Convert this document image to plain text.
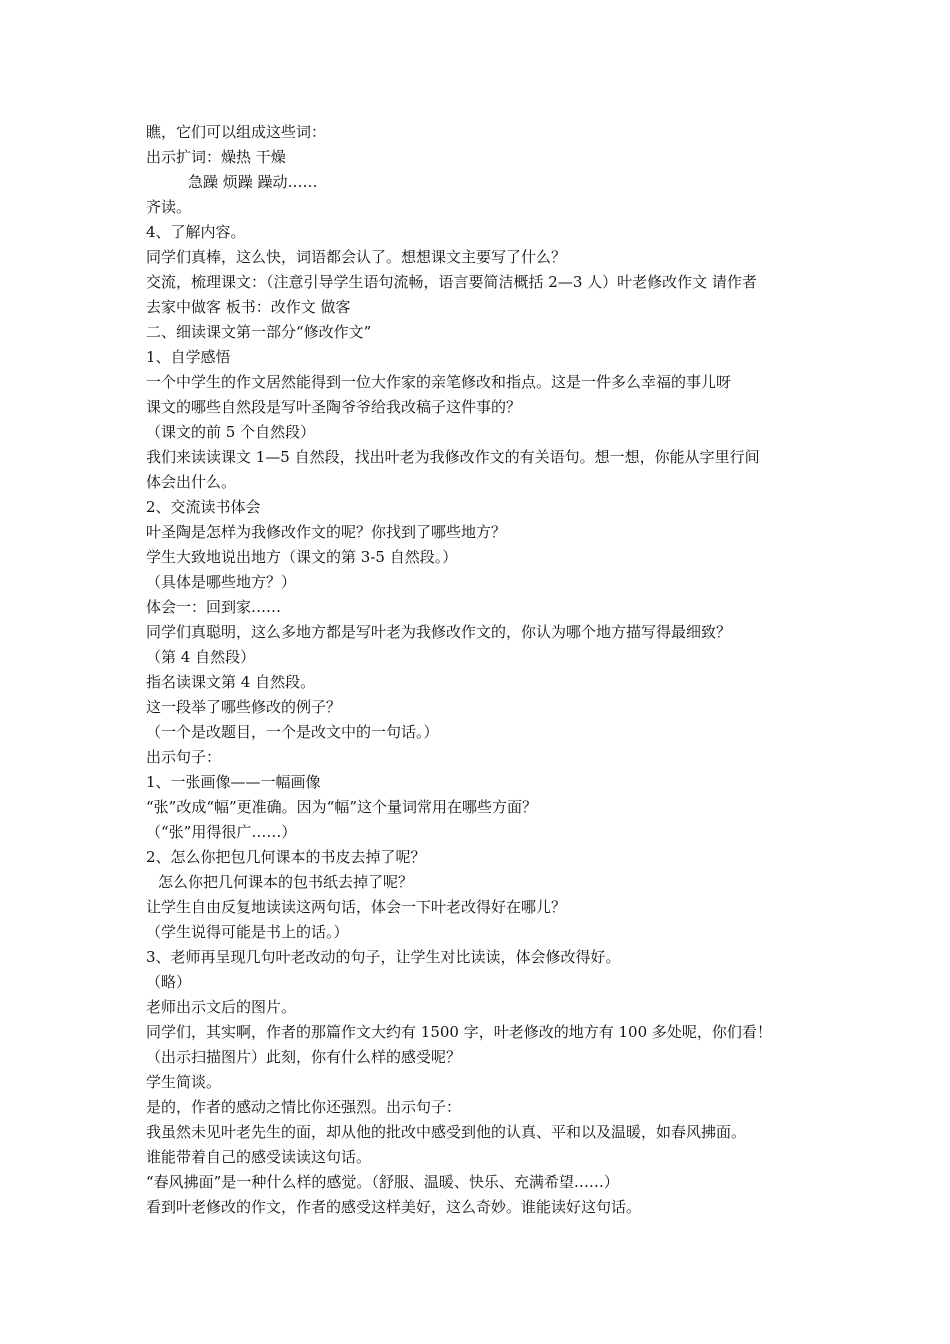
瞧，它们可以组成这些词：
出示扩词：燥热 干燥
急躁 烦躁 躁动……
齐读。
4、了解内容。
同学们真棒，这么快，词语都会认了。想想课文主要写了什么？
交流，梳理课文：（注意引导学生语句流畅，语言要简洁概括 2—3 人）叶老修改作文 请作者
去家中做客 板书：改作文 做客
二、细读课文第一部分“修改作文”
1、自学感悟
一个中学生的作文居然能得到一位大作家的亲笔修改和指点。这是一件多么幸福的事儿呀
课文的哪些自然段是写叶圣陶爷爷给我改稿子这件事的？
（课文的前 5 个自然段）
我们来读读课文 1—5 自然段，找出叶老为我修改作文的有关语句。想一想，你能从字里行间
体会出什么。
2、交流读书体会
叶圣陶是怎样为我修改作文的呢？你找到了哪些地方？
学生大致地说出地方（课文的第 3-5 自然段。）
（具体是哪些地方？）
体会一：回到家……
同学们真聪明，这么多地方都是写叶老为我修改作文的，你认为哪个地方描写得最细致？
（第 4 自然段）
指名读课文第 4 自然段。
这一段举了哪些修改的例子？
（一个是改题目，一个是改文中的一句话。）
出示句子：
1、一张画像——一幅画像
“张”改成“幅”更准确。因为“幅”这个量词常用在哪些方面？
（“张”用得很广……）
2、怎么你把包几何课本的书皮去掉了呢？
怎么你把几何课本的包书纸去掉了呢？
让学生自由反复地读读这两句话，体会一下叶老改得好在哪儿？
（学生说得可能是书上的话。）
3、老师再呈现几句叶老改动的句子，让学生对比读读，体会修改得好。
（略）
老师出示文后的图片。
同学们，其实啊，作者的那篇作文大约有 1500 字，叶老修改的地方有 100 多处呢，你们看！
（出示扫描图片）此刻，你有什么样的感受呢？
学生简谈。
是的，作者的感动之情比你还强烈。出示句子：
我虽然未见叶老先生的面，却从他的批改中感受到他的认真、平和以及温暖，如春风拂面。
谁能带着自己的感受读读这句话。
“春风拂面”是一种什么样的感觉。（舒服、温暖、快乐、充满希望……）
看到叶老修改的作文，作者的感受这样美好，这么奇妙。谁能读好这句话。
